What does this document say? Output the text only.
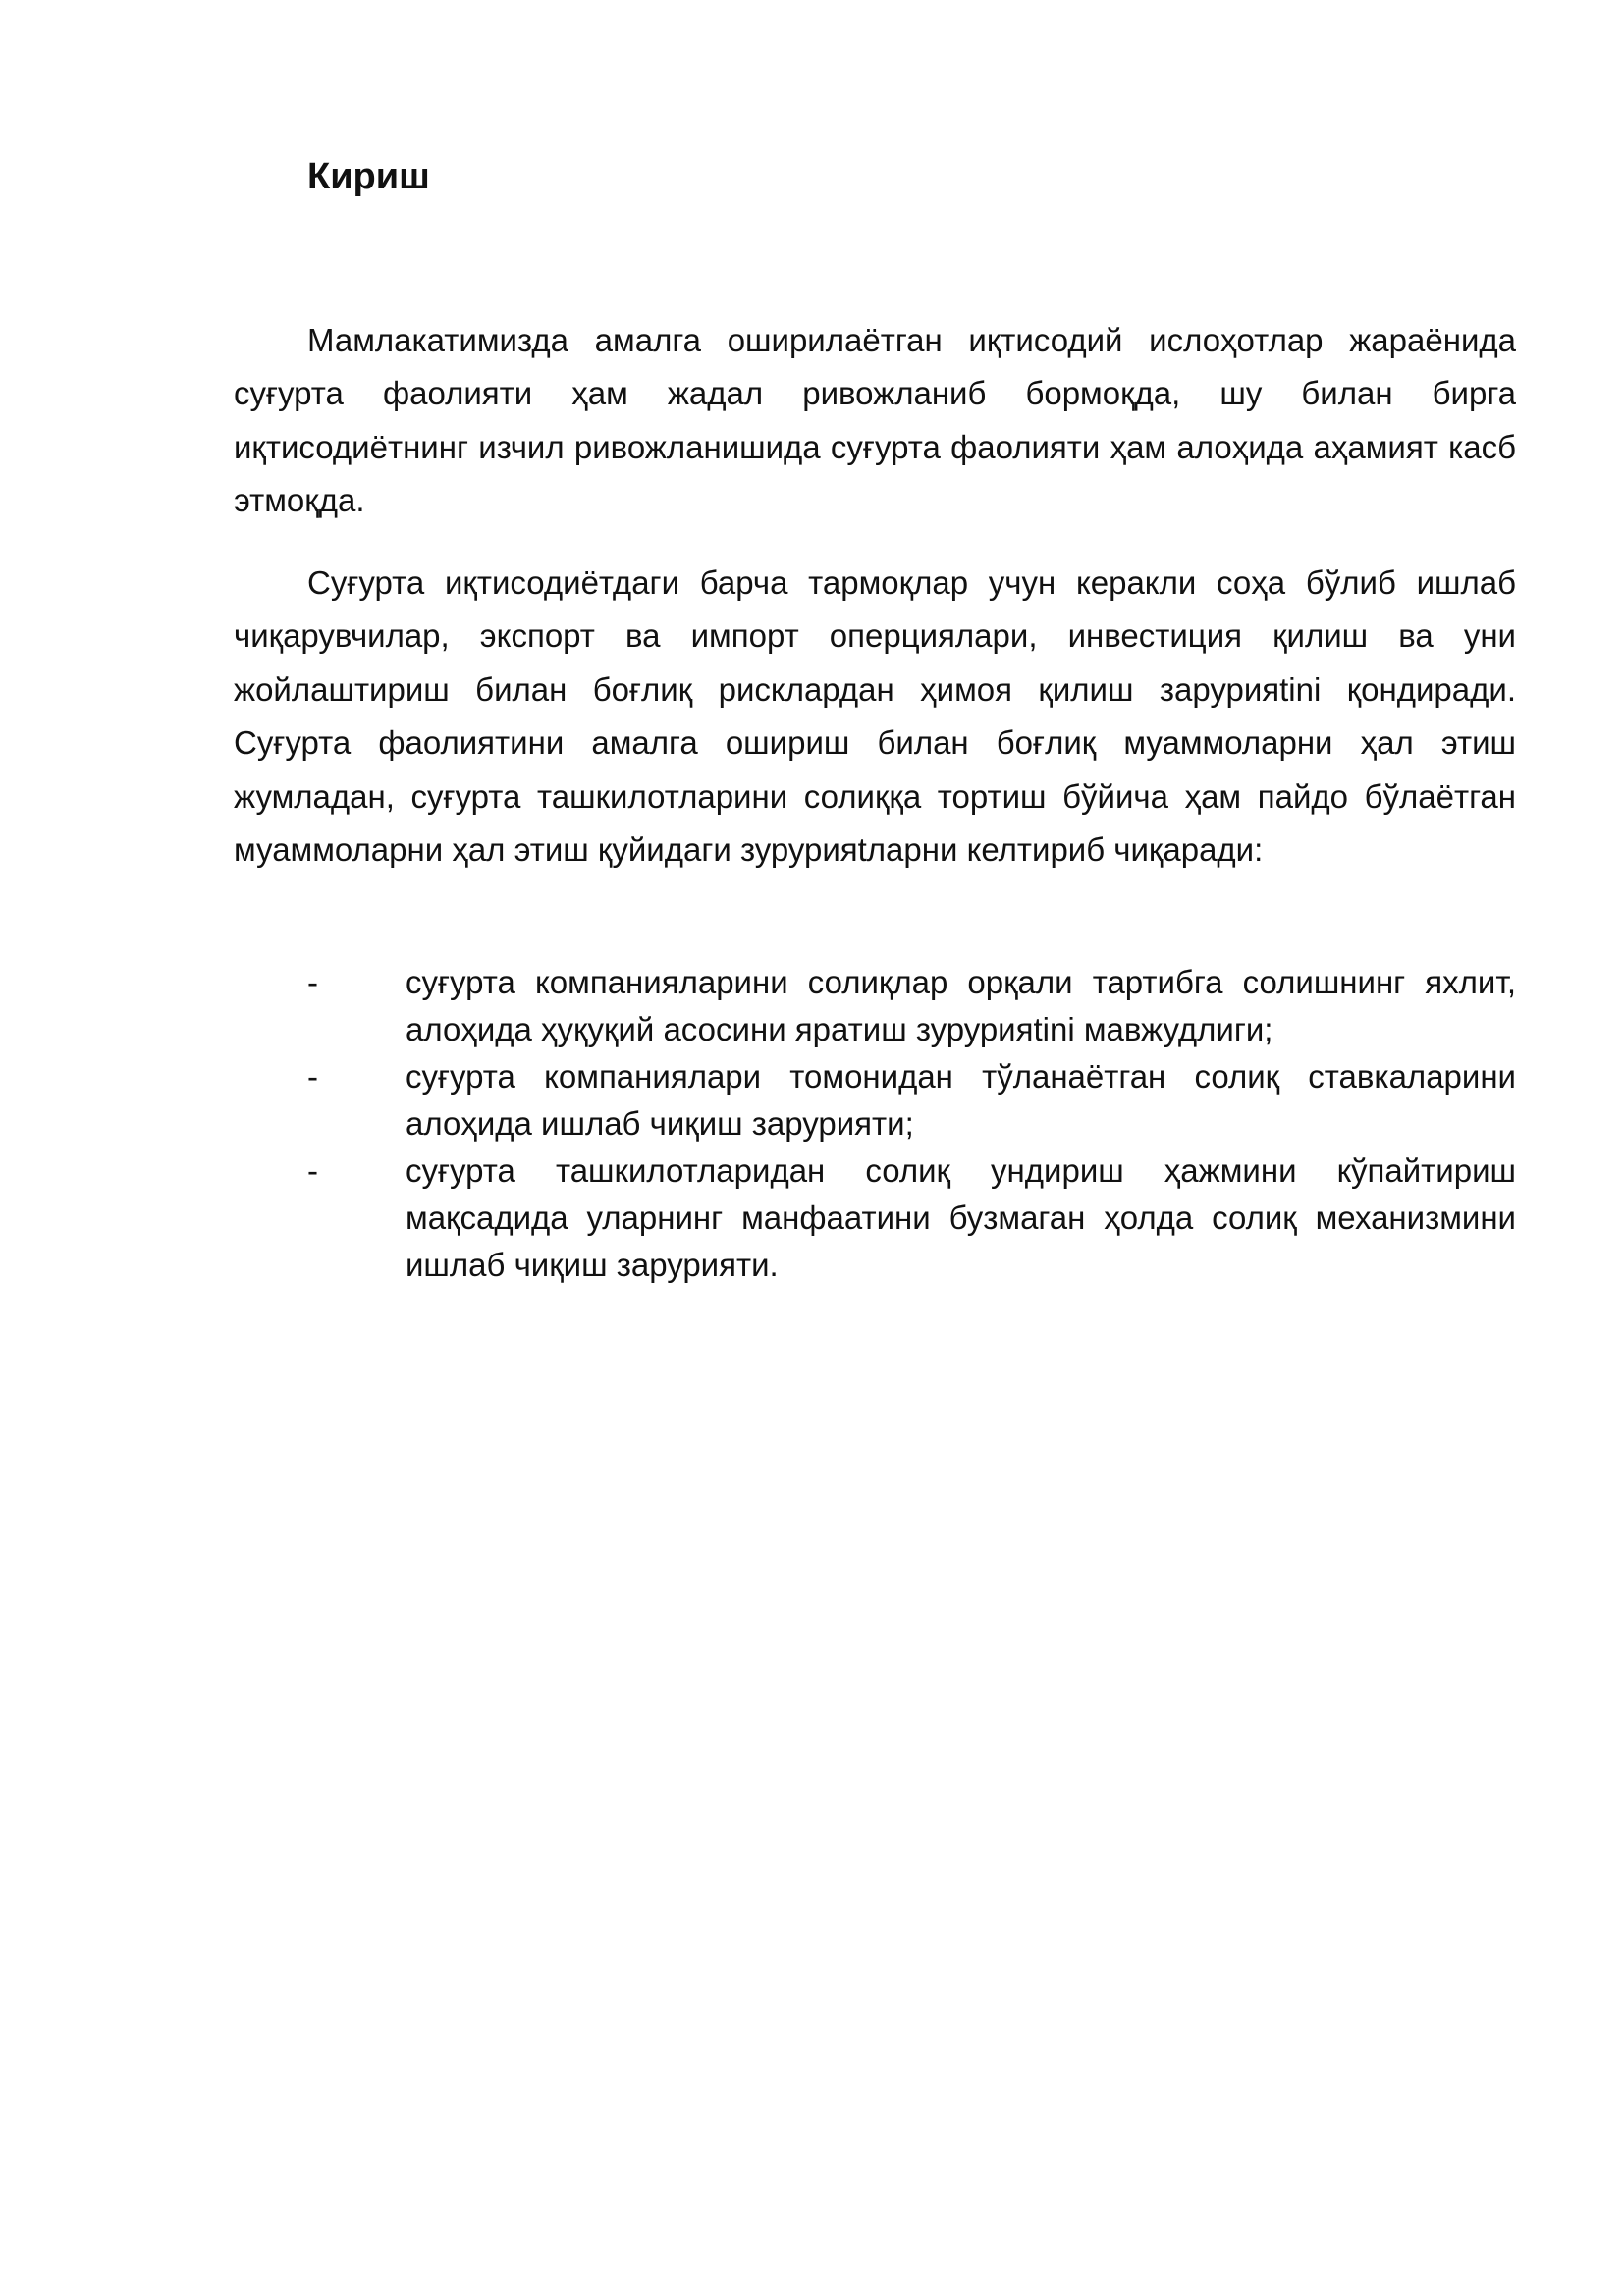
Кириш

Мамлакатимизда амалга оширилаётган иқтисодий ислоҳотлар жараёнида суғурта фаолияти ҳам жадал ривожланиб бормоқда, шу билан бирга иқтисодиётнинг изчил ривожланишида суғурта фаолияти ҳам алоҳида аҳамият касб этмоқда.

Суғурта иқтисодиётдаги барча тармоқлар учун керакли соҳа бўлиб ишлаб чиқарувчилар, экспорт ва импорт оперциялари, инвестиция қилиш ва уни жойлаштириш билан боғлиқ рисклардан ҳимоя қилиш зарурияtini қондиради. Суғурта фаолиятини амалга ошириш билан боғлиқ муаммоларни ҳал этиш жумладан, суғурта ташкилотларини солиққа тортиш бўйича ҳам пайдо бўлаётган муаммоларни ҳал этиш қуйидаги зурурияtларни келтириб чиқаради:

-	суғурта компанияларини солиқлар орқали тартибга солишнинг яхлит, алоҳида ҳуқуқий асосини яратиш зурурияtini мавжудлиги;
-	суғурта компаниялари томонидан тўланаётган солиқ ставкаларини алоҳида ишлаб чиқиш зарурияти;
-	суғурта ташкилотларидан солиқ ундириш ҳажмини кўпайтириш мақсадида уларнинг манфаатини бузмаган ҳолда солиқ механизмини ишлаб чиқиш зарурияти.
